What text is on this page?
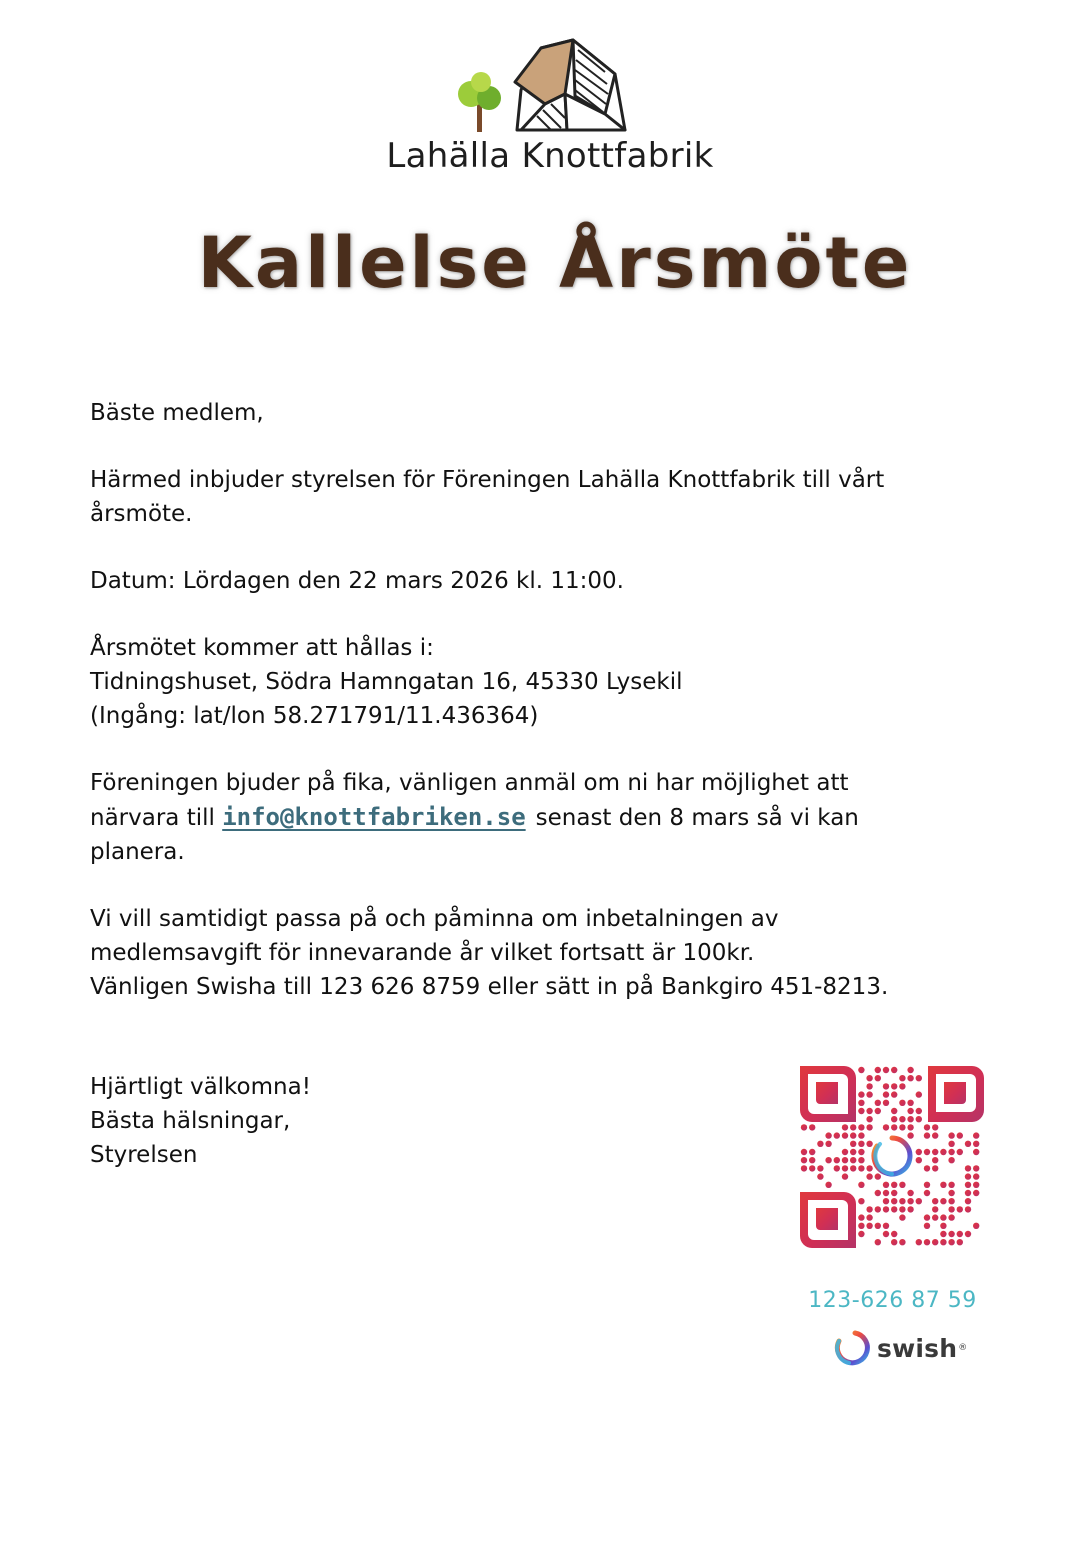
Lahälla Knottfabrik
Kallelse Årsmöte

Bäste medlem,

Härmed inbjuder styrelsen för Föreningen Lahälla Knottfabrik till vårt
årsmöte.

Datum: Lördagen den 22 mars 2026 kl. 11:00.

Årsmötet kommer att hållas i:
Tidningshuset, Södra Hamngatan 16, 45330 Lysekil
(Ingång: lat/lon 58.271791/11.436364)

Föreningen bjuder på fika, vänligen anmäl om ni har möjlighet att
närvara till info@knottfabriken.se senast den 8 mars så vi kan
planera.

Vi vill samtidigt passa på och påminna om inbetalningen av
medlemsavgift för innevarande år vilket fortsatt är 100kr.
Vänligen Swisha till 123 626 8759 eller sätt in på Bankgiro 451-8213.

Hjärtligt välkomna!
Bästa hälsningar,
Styrelsen
123-626 87 59
swish ®
